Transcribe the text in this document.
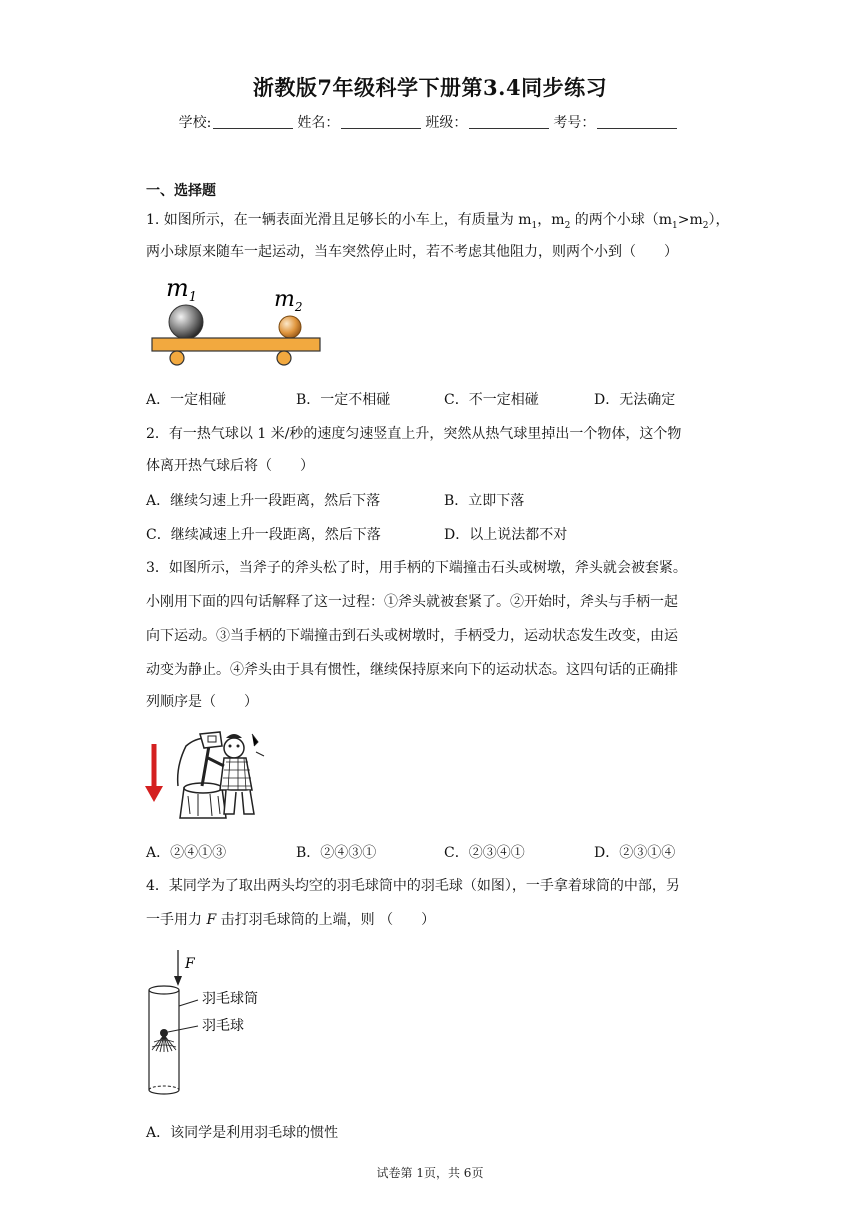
浙教版7年级科学下册第3.4同步练习
学校:	姓名：	班级：	考号：
一、选择题
1. 如图所示，在一辆表面光滑且足够长的小车上，有质量为 $m_1$，$m_2$ 的两个小球$(m_1>m_2)$，
两小球原来随车一起运动，当车突然停止时，若不考虑其他阻力，则两个小到（　　）
$m_1$	$m_2$
A．一定相碰	B．一定不相碰	C．不一定相碰	D．无法确定
2．有一热气球以 1 米/秒的速度匀速竖直上升，突然从热气球里掉出一个物体，这个物
体离开热气球后将（　　）
A．继续匀速上升一段距离，然后下落	B．立即下落
C．继续减速上升一段距离，然后下落	D．以上说法都不对
3．如图所示，当斧子的斧头松了时，用手柄的下端撞击石头或树墩，斧头就会被套紧。
小刚用下面的四句话解释了这一过程：①斧头就被套紧了。②开始时，斧头与手柄一起
向下运动。③当手柄的下端撞击到石头或树墩时，手柄受力，运动状态发生改变，由运
动变为静止。④斧头由于具有惯性，继续保持原来向下的运动状态。这四句话的正确排
列顺序是（　　）
A．②④①③	B．②④③①	C．②③④①	D．②③①④
4．某同学为了取出两头均空的羽毛球筒中的羽毛球（如图），一手拿着球筒的中部，另
一手用力 F 击打羽毛球筒的上端，则 （　　）
F
羽毛球筒
羽毛球
A．该同学是利用羽毛球的惯性
试卷第 1页，共 6页
